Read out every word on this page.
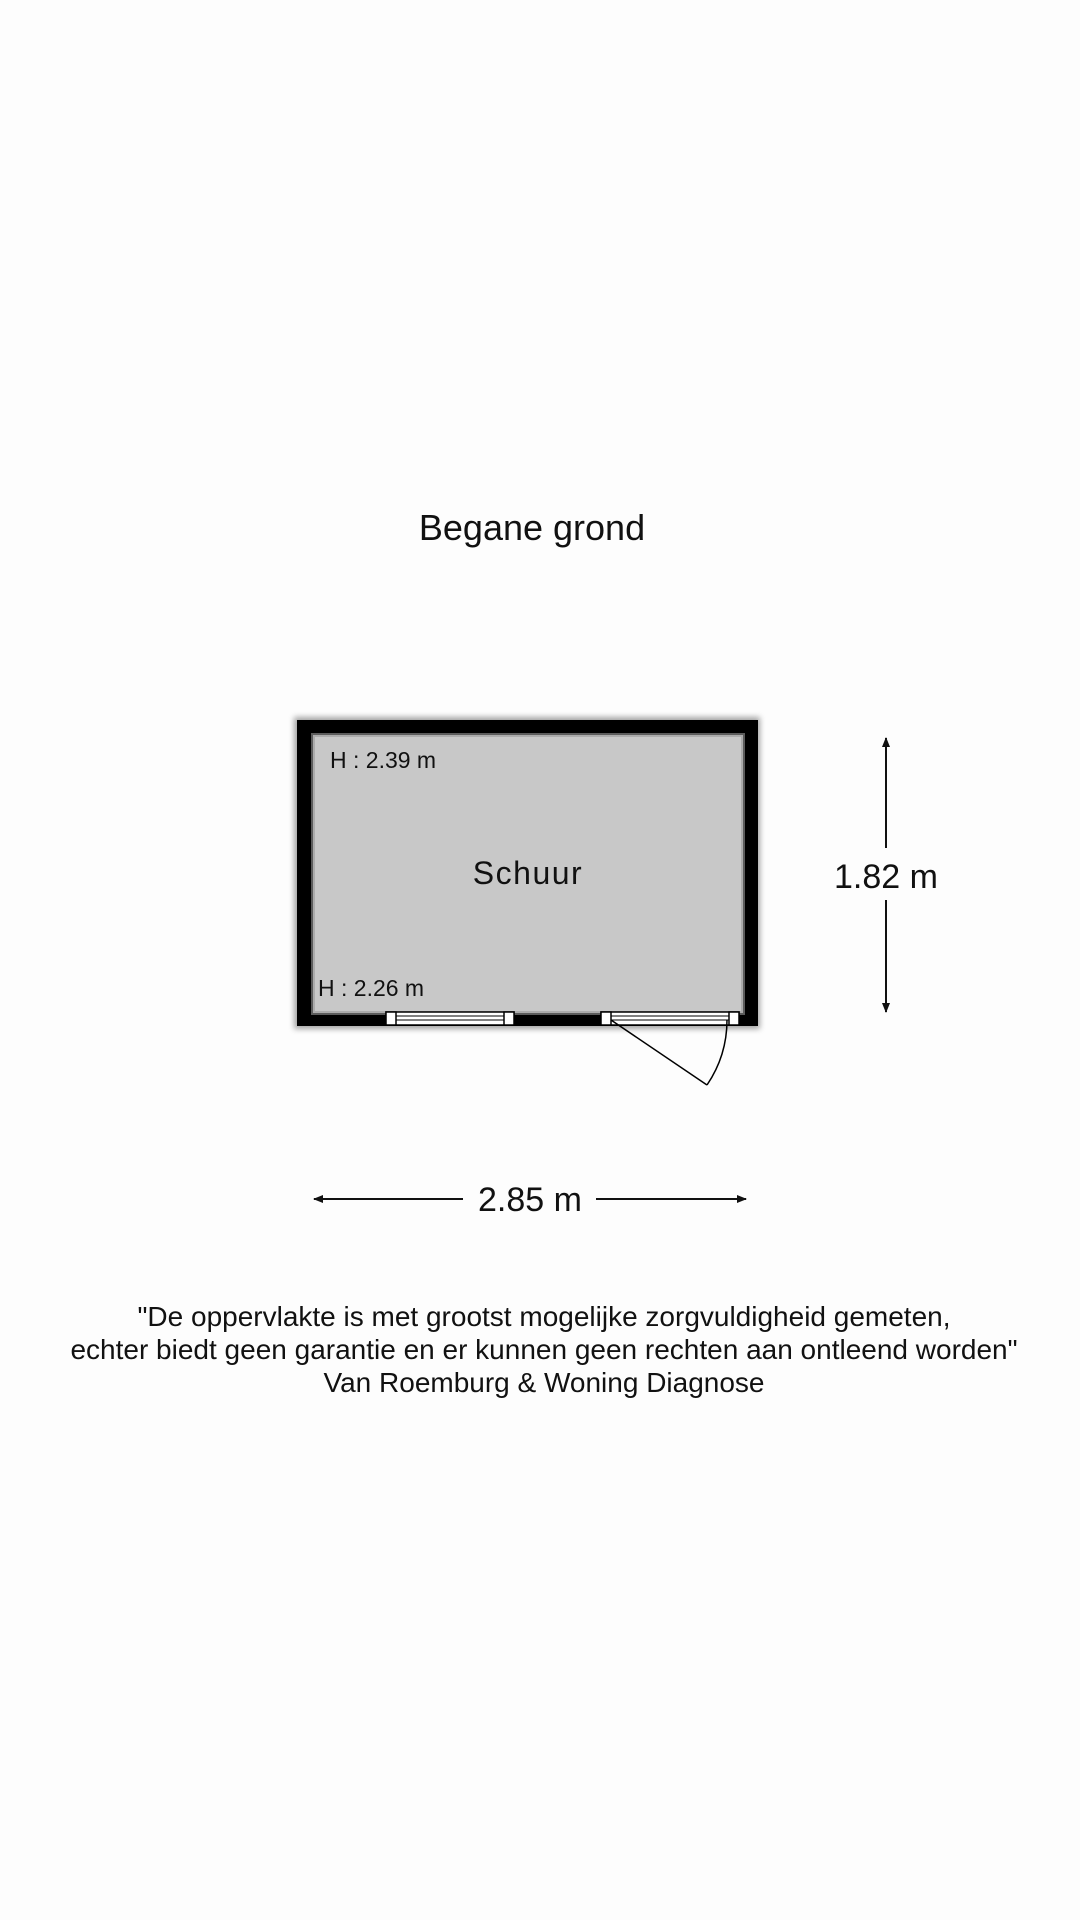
Begane grond
H : 2.39 m
Schuur
H : 2.26 m
1.82 m
2.85 m
"De oppervlakte is met grootst mogelijke zorgvuldigheid gemeten,
echter biedt geen garantie en er kunnen geen rechten aan ontleend worden"
Van Roemburg & Woning Diagnose
